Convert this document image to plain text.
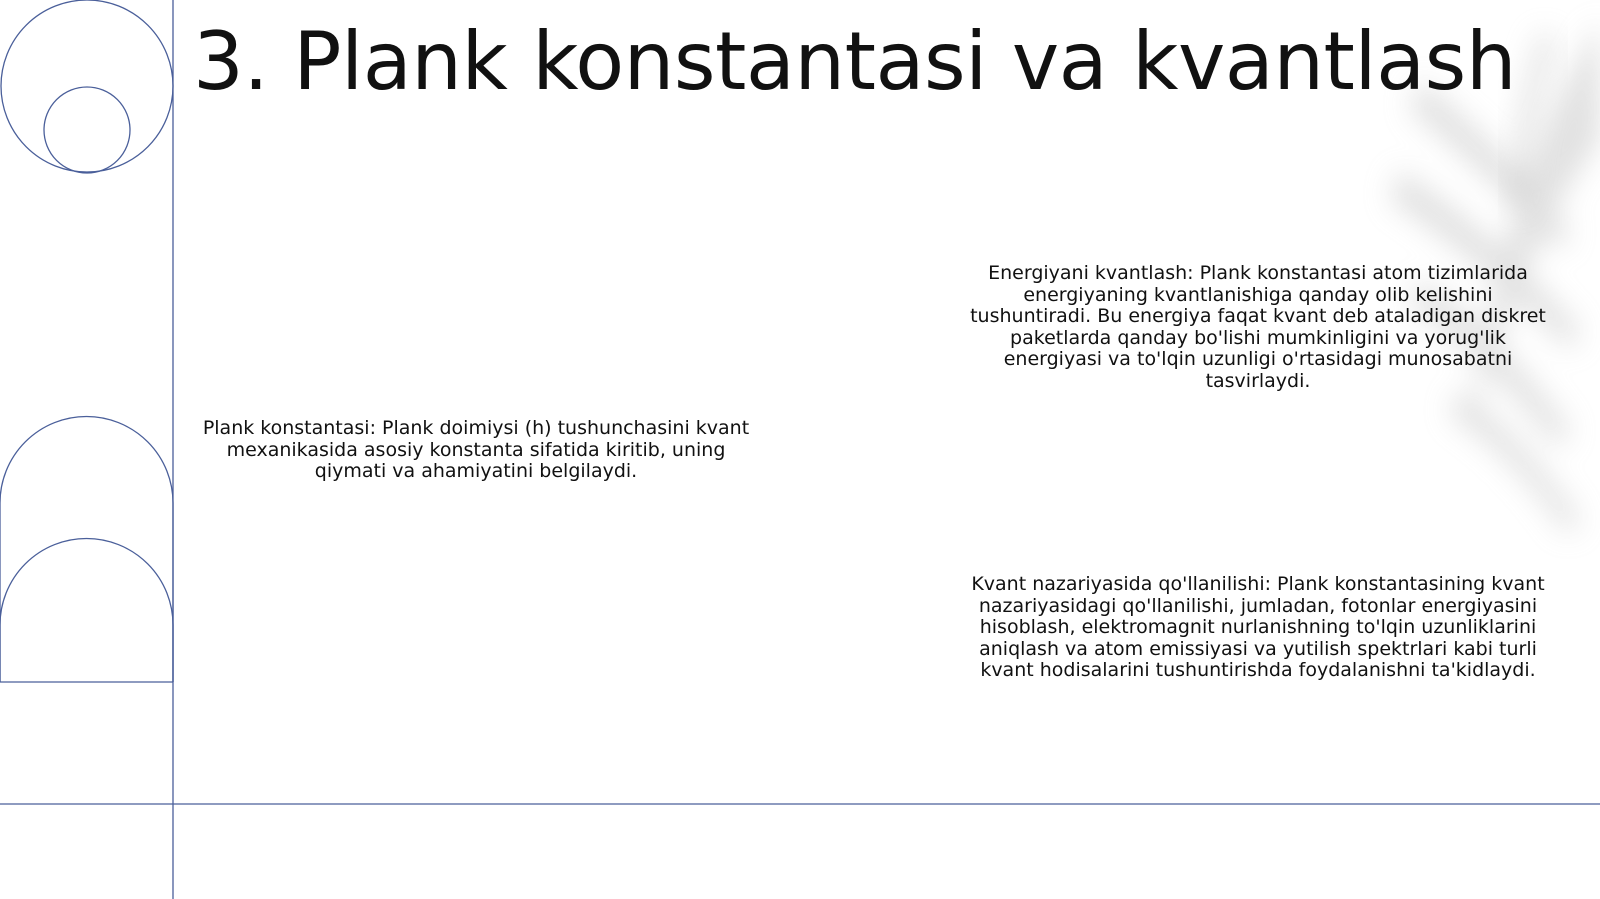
3. Plank konstantasi va kvantlash

Plank konstantasi: Plank doimiysi (h) tushunchasini kvant mexanikasida asosiy konstanta sifatida kiritib, uning qiymati va ahamiyatini belgilaydi.

Energiyani kvantlash: Plank konstantasi atom tizimlarida energiyaning kvantlanishiga qanday olib kelishini tushuntiradi. Bu energiya faqat kvant deb ataladigan diskret paketlarda qanday bo'lishi mumkinligini va yorug'lik energiyasi va to'lqin uzunligi o'rtasidagi munosabatni tasvirlaydi.

Kvant nazariyasida qo'llanilishi: Plank konstantasining kvant nazariyasidagi qo'llanilishi, jumladan, fotonlar energiyasini hisoblash, elektromagnit nurlanishning to'lqin uzunliklarini aniqlash va atom emissiyasi va yutilish spektrlari kabi turli kvant hodisalarini tushuntirishda foydalanishni ta'kidlaydi.
